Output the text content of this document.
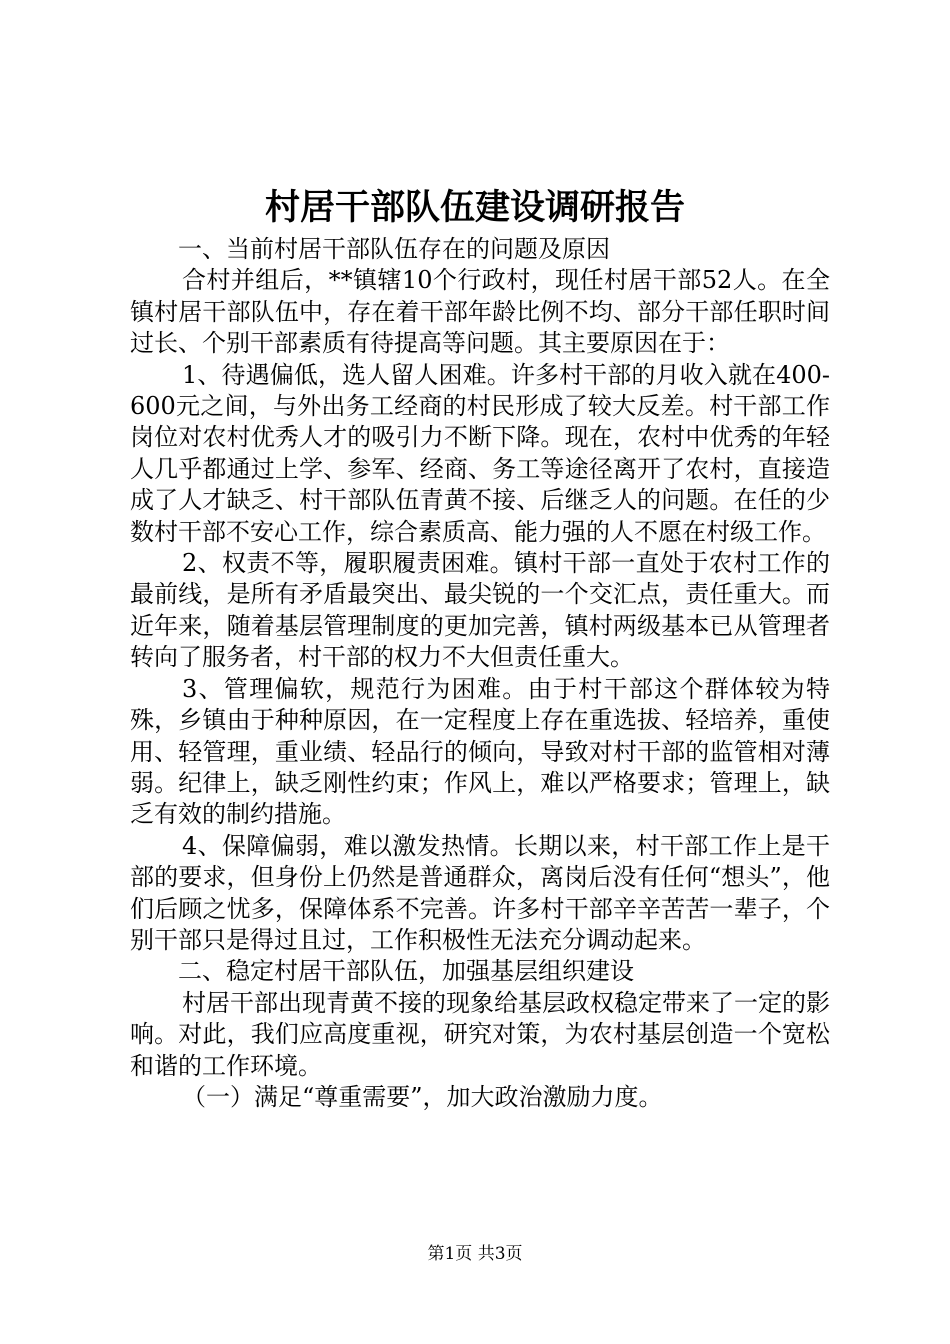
村居干部队伍建设调研报告

一、当前村居干部队伍存在的问题及原因

合村并组后，**镇辖10个行政村，现任村居干部52人。在全镇村居干部队伍中，存在着干部年龄比例不均、部分干部任职时间过长、个别干部素质有待提高等问题。其主要原因在于：

1、待遇偏低，选人留人困难。许多村干部的月收入就在400-600元之间，与外出务工经商的村民形成了较大反差。村干部工作岗位对农村优秀人才的吸引力不断下降。现在，农村中优秀的年轻人几乎都通过上学、参军、经商、务工等途径离开了农村，直接造成了人才缺乏、村干部队伍青黄不接、后继乏人的问题。在任的少数村干部不安心工作，综合素质高、能力强的人不愿在村级工作。

2、权责不等，履职履责困难。镇村干部一直处于农村工作的最前线，是所有矛盾最突出、最尖锐的一个交汇点，责任重大。而近年来，随着基层管理制度的更加完善，镇村两级基本已从管理者转向了服务者，村干部的权力不大但责任重大。

3、管理偏软，规范行为困难。由于村干部这个群体较为特殊，乡镇由于种种原因，在一定程度上存在重选拔、轻培养，重使用、轻管理，重业绩、轻品行的倾向，导致对村干部的监管相对薄弱。纪律上，缺乏刚性约束；作风上，难以严格要求；管理上，缺乏有效的制约措施。

4、保障偏弱，难以激发热情。长期以来，村干部工作上是干部的要求，但身份上仍然是普通群众，离岗后没有任何“想头”，他们后顾之忧多，保障体系不完善。许多村干部辛辛苦苦一辈子，个别干部只是得过且过，工作积极性无法充分调动起来。

二、稳定村居干部队伍，加强基层组织建设

村居干部出现青黄不接的现象给基层政权稳定带来了一定的影响。对此，我们应高度重视，研究对策，为农村基层创造一个宽松和谐的工作环境。

（一）满足“尊重需要”，加大政治激励力度。

第1页 共3页
